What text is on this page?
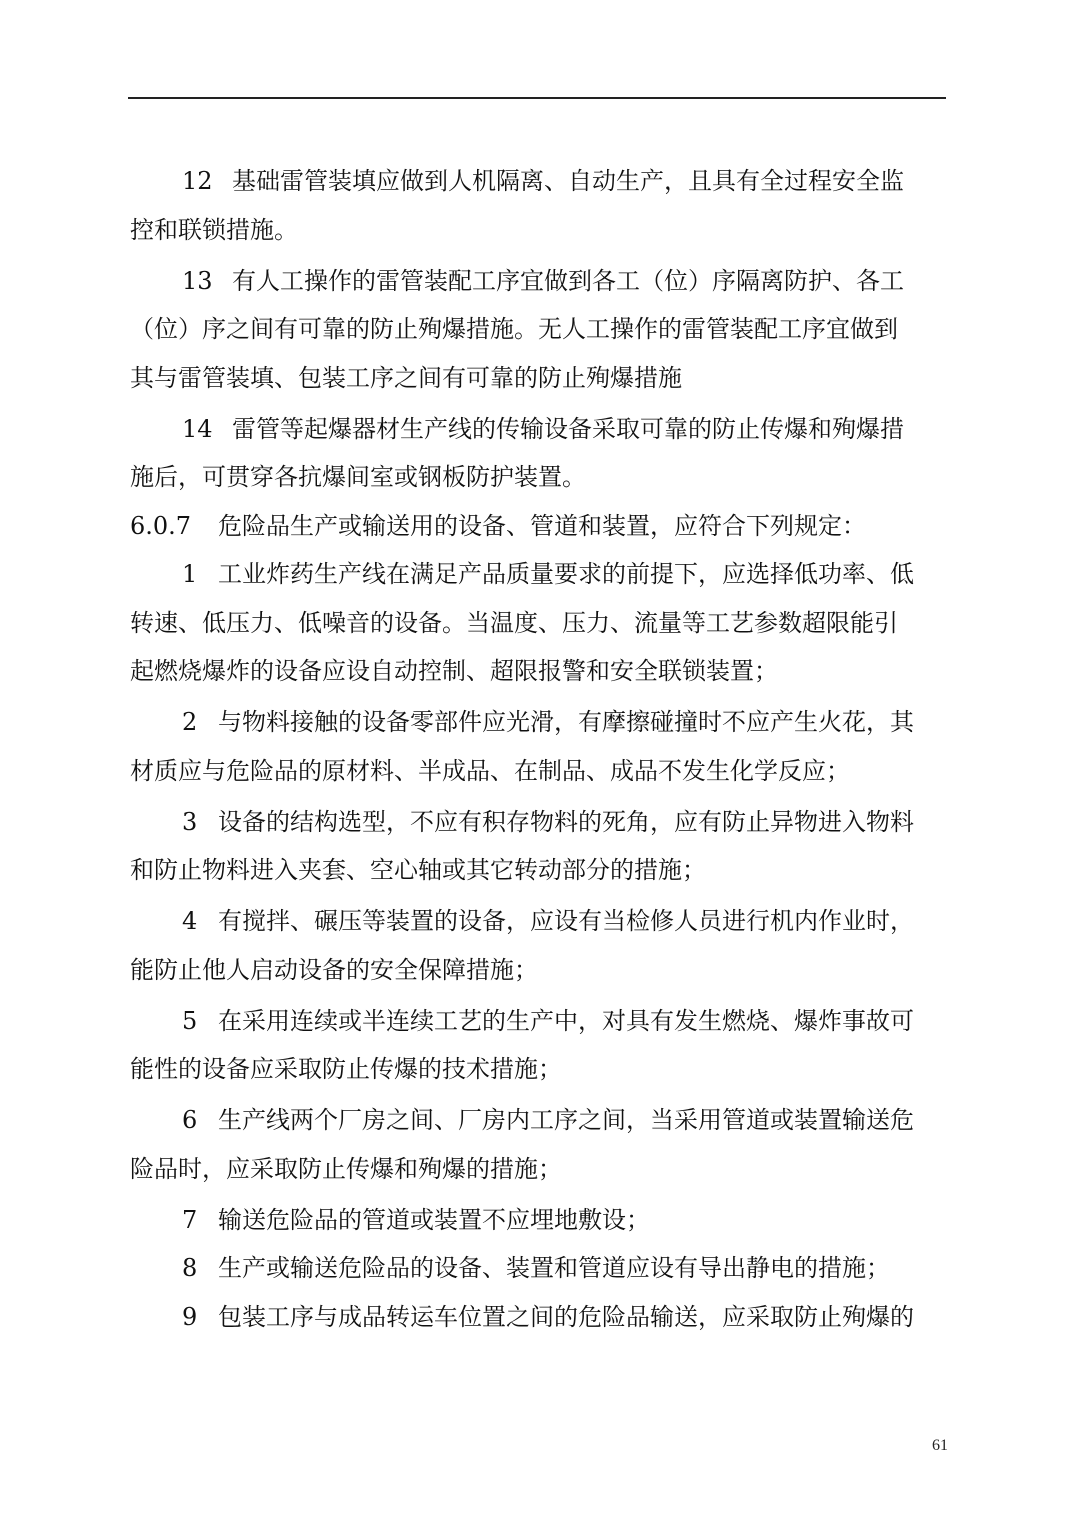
12 基础雷管装填应做到人机隔离、自动生产，且具有全过程安全监
控和联锁措施。
13 有人工操作的雷管装配工序宜做到各工（位）序隔离防护、各工
（位）序之间有可靠的防止殉爆措施。无人工操作的雷管装配工序宜做到
其与雷管装填、包装工序之间有可靠的防止殉爆措施
14 雷管等起爆器材生产线的传输设备采取可靠的防止传爆和殉爆措
施后，可贯穿各抗爆间室或钢板防护装置。
6.0.7 危险品生产或输送用的设备、管道和装置，应符合下列规定：
1 工业炸药生产线在满足产品质量要求的前提下，应选择低功率、低
转速、低压力、低噪音的设备。当温度、压力、流量等工艺参数超限能引
起燃烧爆炸的设备应设自动控制、超限报警和安全联锁装置；
2 与物料接触的设备零部件应光滑，有摩擦碰撞时不应产生火花，其
材质应与危险品的原材料、半成品、在制品、成品不发生化学反应；
3 设备的结构选型，不应有积存物料的死角，应有防止异物进入物料
和防止物料进入夹套、空心轴或其它转动部分的措施；
4 有搅拌、碾压等装置的设备，应设有当检修人员进行机内作业时，
能防止他人启动设备的安全保障措施；
5 在采用连续或半连续工艺的生产中，对具有发生燃烧、爆炸事故可
能性的设备应采取防止传爆的技术措施；
6 生产线两个厂房之间、厂房内工序之间，当采用管道或装置输送危
险品时，应采取防止传爆和殉爆的措施；
7 输送危险品的管道或装置不应埋地敷设；
8 生产或输送危险品的设备、装置和管道应设有导出静电的措施；
9 包装工序与成品转运车位置之间的危险品输送，应采取防止殉爆的
61
